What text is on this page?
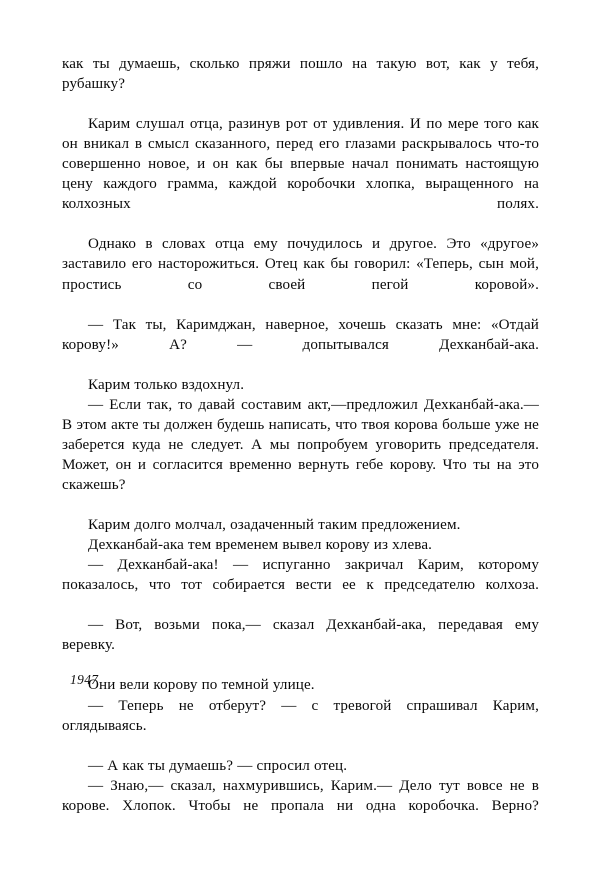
как ты думаешь, сколько пряжи пошло на такую вот, как у тебя, рубашку?

Карим слушал отца, разинув рот от удивления. И по мере того как он вникал в смысл сказанного, перед его глазами раскрывалось что-то совершенно новое, и он как бы впервые начал понимать настоящую цену каждого грамма, каждой коробочки хлопка, выращенного на колхозных полях.

Однако в словах отца ему почудилось и другое. Это «другое» заставило его насторожиться. Отец как бы говорил: «Теперь, сын мой, простись со своей пегой коровой».

— Так ты, Каримджан, наверное, хочешь сказать мне: «Отдай корову!» А? — допытывался Дехканбай-ака.

Карим только вздохнул.

— Если так, то давай составим акт,—предложил Дехканбай-ака.— В этом акте ты должен будешь написать, что твоя корова больше уже не заберется куда не следует. А мы попробуем уговорить председателя. Может, он и согласится временно вернуть гебе корову. Что ты на это скажешь?

Карим долго молчал, озадаченный таким предложением.

Дехканбай-ака тем временем вывел корову из хлева.

— Дехканбай-ака! — испуганно закричал Карим, которому показалось, что тот собирается вести ее к председателю колхоза.

— Вот, возьми пока,— сказал Дехканбай-ака, передавая ему веревку.

Они вели корову по темной улице.

— Теперь не отберут? — с тревогой спрашивал Карим, оглядываясь.

— А как ты думаешь? — спросил отец.

— Знаю,— сказал, нахмурившись, Карим.— Дело тут вовсе не в корове. Хлопок. Чтобы не пропала ни одна коробочка. Верно?

1947
